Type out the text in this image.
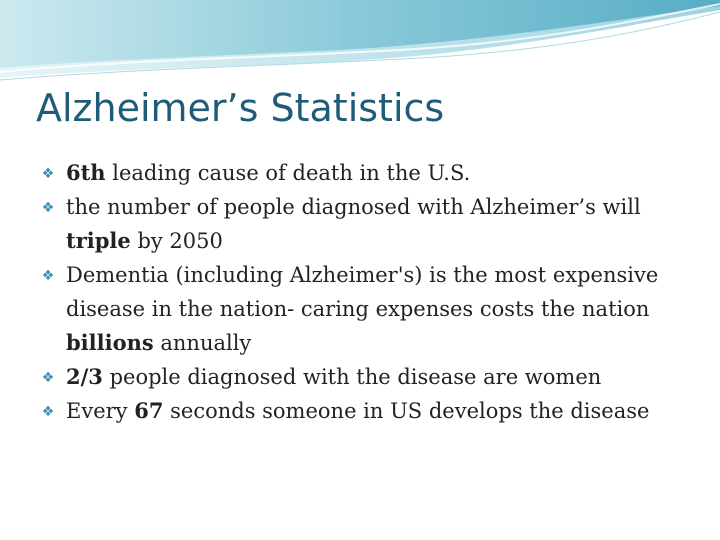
Alzheimer’s Statistics
❖ 6th leading cause of death in the U.S.
❖ the number of people diagnosed with Alzheimer’s will triple by 2050
❖ Dementia (including Alzheimer's) is the most expensive disease in the nation- caring expenses costs the nation billions annually
❖ 2/3 people diagnosed with the disease are women
❖ Every 67 seconds someone in US develops the disease
